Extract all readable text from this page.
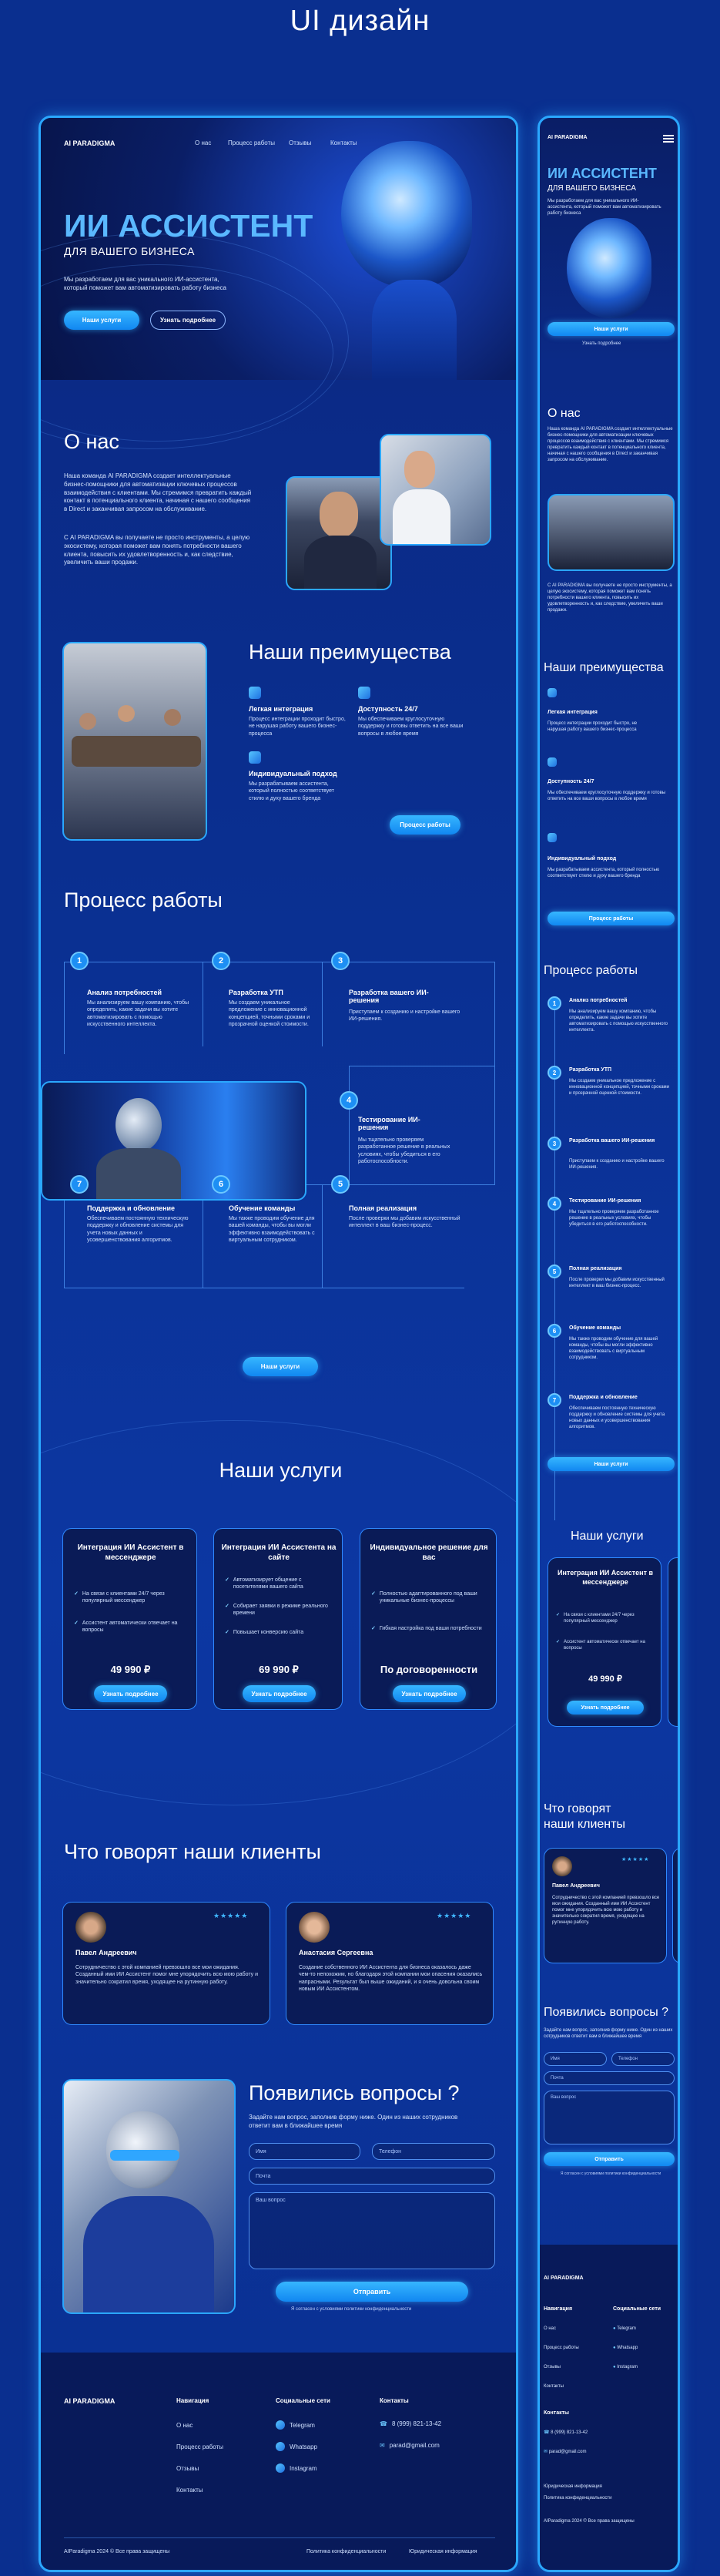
UI дизайн
AI PARADIGMA	О нас	Процесс работы Отзывы	Контакты
ИИ АССИСТЕНТ
ДЛЯ ВАШЕГО БИЗНЕСА
Мы разработаем для вас уникального ИИ-ассистента, который поможет вам автоматизировать работу бизнеса
Наши услуги	Узнать подробнее
О нас
Наша команда AI PARADIGMA создает интеллектуальные бизнес-помощники для автоматизации ключевых процессов взаимодействия с клиентами. Мы стремимся превратить каждый контакт в потенциального клиента, начиная с нашего сообщения в Direct и заканчивая запросом на обслуживание.
С AI PARADIGMA вы получаете не просто инструменты, а целую экосистему, которая поможет вам понять потребности вашего клиента, повысить их удовлетворенность и, как следствие, увеличить ваши продажи.
Наши преимущества
Легкая интеграция
Процесс интеграции проходит быстро, не нарушая работу вашего бизнес-процесса
Доступность 24/7
Мы обеспечиваем круглосуточную поддержку и готовы ответить на все ваши вопросы в любое время
Индивидуальный подход
Мы разрабатываем ассистента, который полностью соответствует стилю и духу вашего бренда
Процесс работы
Процесс работы
1
Анализ потребностей
Мы анализируем вашу компанию, чтобы определить, какие задачи вы хотите автоматизировать с помощью искусственного интеллекта.
2
Разработка УТП
Мы создаем уникальное предложение с инновационной концепцией, точными сроками и прозрачной оценкой стоимости.
3
Разработка вашего ИИ-решения
Приступаем к созданию и настройке вашего ИИ-решения.
4
Тестирование ИИ-решения
Мы тщательно проверяем разработанное решение в реальных условиях, чтобы убедиться в его работоспособности.
7
Поддержка и обновление
Обеспечиваем постоянную техническую поддержку и обновление системы для учета новых данных и усовершенствования алгоритмов.
6
Обучение команды
Мы также проводим обучение для вашей команды, чтобы вы могли эффективно взаимодействовать с виртуальным сотрудником.
5
Полная реализация
После проверки мы добавим искусственный интеллект в ваш бизнес-процесс.
Наши услуги
Наши услуги
Интеграция ИИ Ассистент в мессенджере
✓ На связи с клиентами 24/7 через популярный мессенджер
✓ Ассистент автоматически отвечает на вопросы
49 990 ₽
Узнать подробнее
Интеграция ИИ Ассистента на сайте
✓ Автоматизирует общение с посетителями вашего сайта
✓ Собирает заявки в режиме реального времени
✓ Повышает конверсию сайта
69 990 ₽
Узнать подробнее
Индивидуальное решение для вас
✓ Полностью адаптированного под ваши уникальные бизнес-процессы
✓ Гибкая настройка под ваши потребности
По договоренности
Узнать подробнее
Что говорят наши клиенты
★★★★★
Павел Андреевич
Сотрудничество с этой компанией превзошло все мои ожидания. Созданный ими ИИ Ассистент помог мне упорядочить всю мою работу и значительно сократил время, уходящее на рутинную работу.
★★★★★
Анастасия Сергеевна
Создание собственного ИИ Ассистента для бизнеса оказалось даже чем-то непохожим, но благодаря этой компании мои опасения оказались напрасными. Результат был выше ожиданий, и я очень довольна своим новым ИИ Ассистентом.
Появились вопросы ?
Задайте нам вопрос, заполнив форму ниже. Один из наших сотрудников ответит вам в ближайшее время
Имя	Телефон
Почта
Ваш вопрос
Отправить
Я согласен с условиями политики конфиденциальности
AI PARADIGMA	Навигация
О нас
Процесс работы
Отзывы
Контакты
Социальные сети
Telegram
Whatsapp
Instagram
Контакты
☎ 8 (999) 821-13-42
✉ parad@gmail.com
AIParadigma 2024 © Все права защищены	Политика конфиденциальности	Юридическая информация
AI PARADIGMA
ИИ АССИСТЕНТ
ДЛЯ ВАШЕГО БИЗНЕСА
Мы разработаем для вас уникального ИИ-ассистента, который поможет вам автоматизировать работу бизнеса
Наши услуги
Узнать подробнее
О нас
Наша команда AI PARADIGMA создает интеллектуальные бизнес-помощники для автоматизации ключевых процессов взаимодействия с клиентами. Мы стремимся превратить каждый контакт в потенциального клиента, начиная с нашего сообщения в Direct и заканчивая запросом на обслуживание.
С AI PARADIGMA вы получаете не просто инструменты, а целую экосистему, которая поможет вам понять потребности вашего клиента, повысить их удовлетворенность и, как следствие, увеличить ваши продажи.
Наши преимущества
Легкая интеграция
Процесс интеграции проходит быстро, не нарушая работу вашего бизнес-процесса
Доступность 24/7
Мы обеспечиваем круглосуточную поддержку и готовы ответить на все ваши вопросы в любое время
Индивидуальный подход
Мы разрабатываем ассистента, который полностью соответствует стилю и духу вашего бренда
Процесс работы
Процесс работы
1	Анализ потребностей
Мы анализируем вашу компанию, чтобы определить, какие задачи вы хотите автоматизировать с помощью искусственного интеллекта.
2	Разработка УТП
Мы создаем уникальное предложение с инновационной концепцией, точными сроками и прозрачной оценкой стоимости.
3	Разработка вашего ИИ-решения
Приступаем к созданию и настройке вашего ИИ-решения.
4	Тестирование ИИ-решения
Мы тщательно проверяем разработанное решение в реальных условиях, чтобы убедиться в его работоспособности.
5	Полная реализация
После проверки мы добавим искусственный интеллект в ваш бизнес-процесс.
6	Обучение команды
Мы также проводим обучение для вашей команды, чтобы вы могли эффективно взаимодействовать с виртуальным сотрудником.
7	Поддержка и обновление
Обеспечиваем постоянную техническую поддержку и обновление системы для учета новых данных и усовершенствования алгоритмов.
Наши услуги
Наши услуги
Интеграция ИИ Ассистент в мессенджере
✓ На связи с клиентами 24/7 через популярный мессенджер
✓ Ассистент автоматически отвечает на вопросы
49 990 ₽
Узнать подробнее
Что говорят наши клиенты
★★★★★
Павел Андреевич
Сотрудничество с этой компанией превзошло все мои ожидания. Созданный ими ИИ Ассистент помог мне упорядочить всю мою работу и значительно сократил время, уходящее на рутинную работу.
Появились вопросы ?
Задайте нам вопрос, заполнив форму ниже. Один из наших сотрудников ответит вам в ближайшее время
Имя	Телефон
Почта
Ваш вопрос
Отправить
Я согласен с условиями политики конфиденциальности
AI PARADIGMA
Навигация
О нас
Процесс работы
Отзывы
Контакты
Социальные сети
● Telegram
● Whatsapp
● Instagram
Контакты
☎ 8 (999) 821-13-42
✉ parad@gmail.com
Юридическая информация
Политика конфиденциальности
AIParadigma 2024 © Все права защищены
